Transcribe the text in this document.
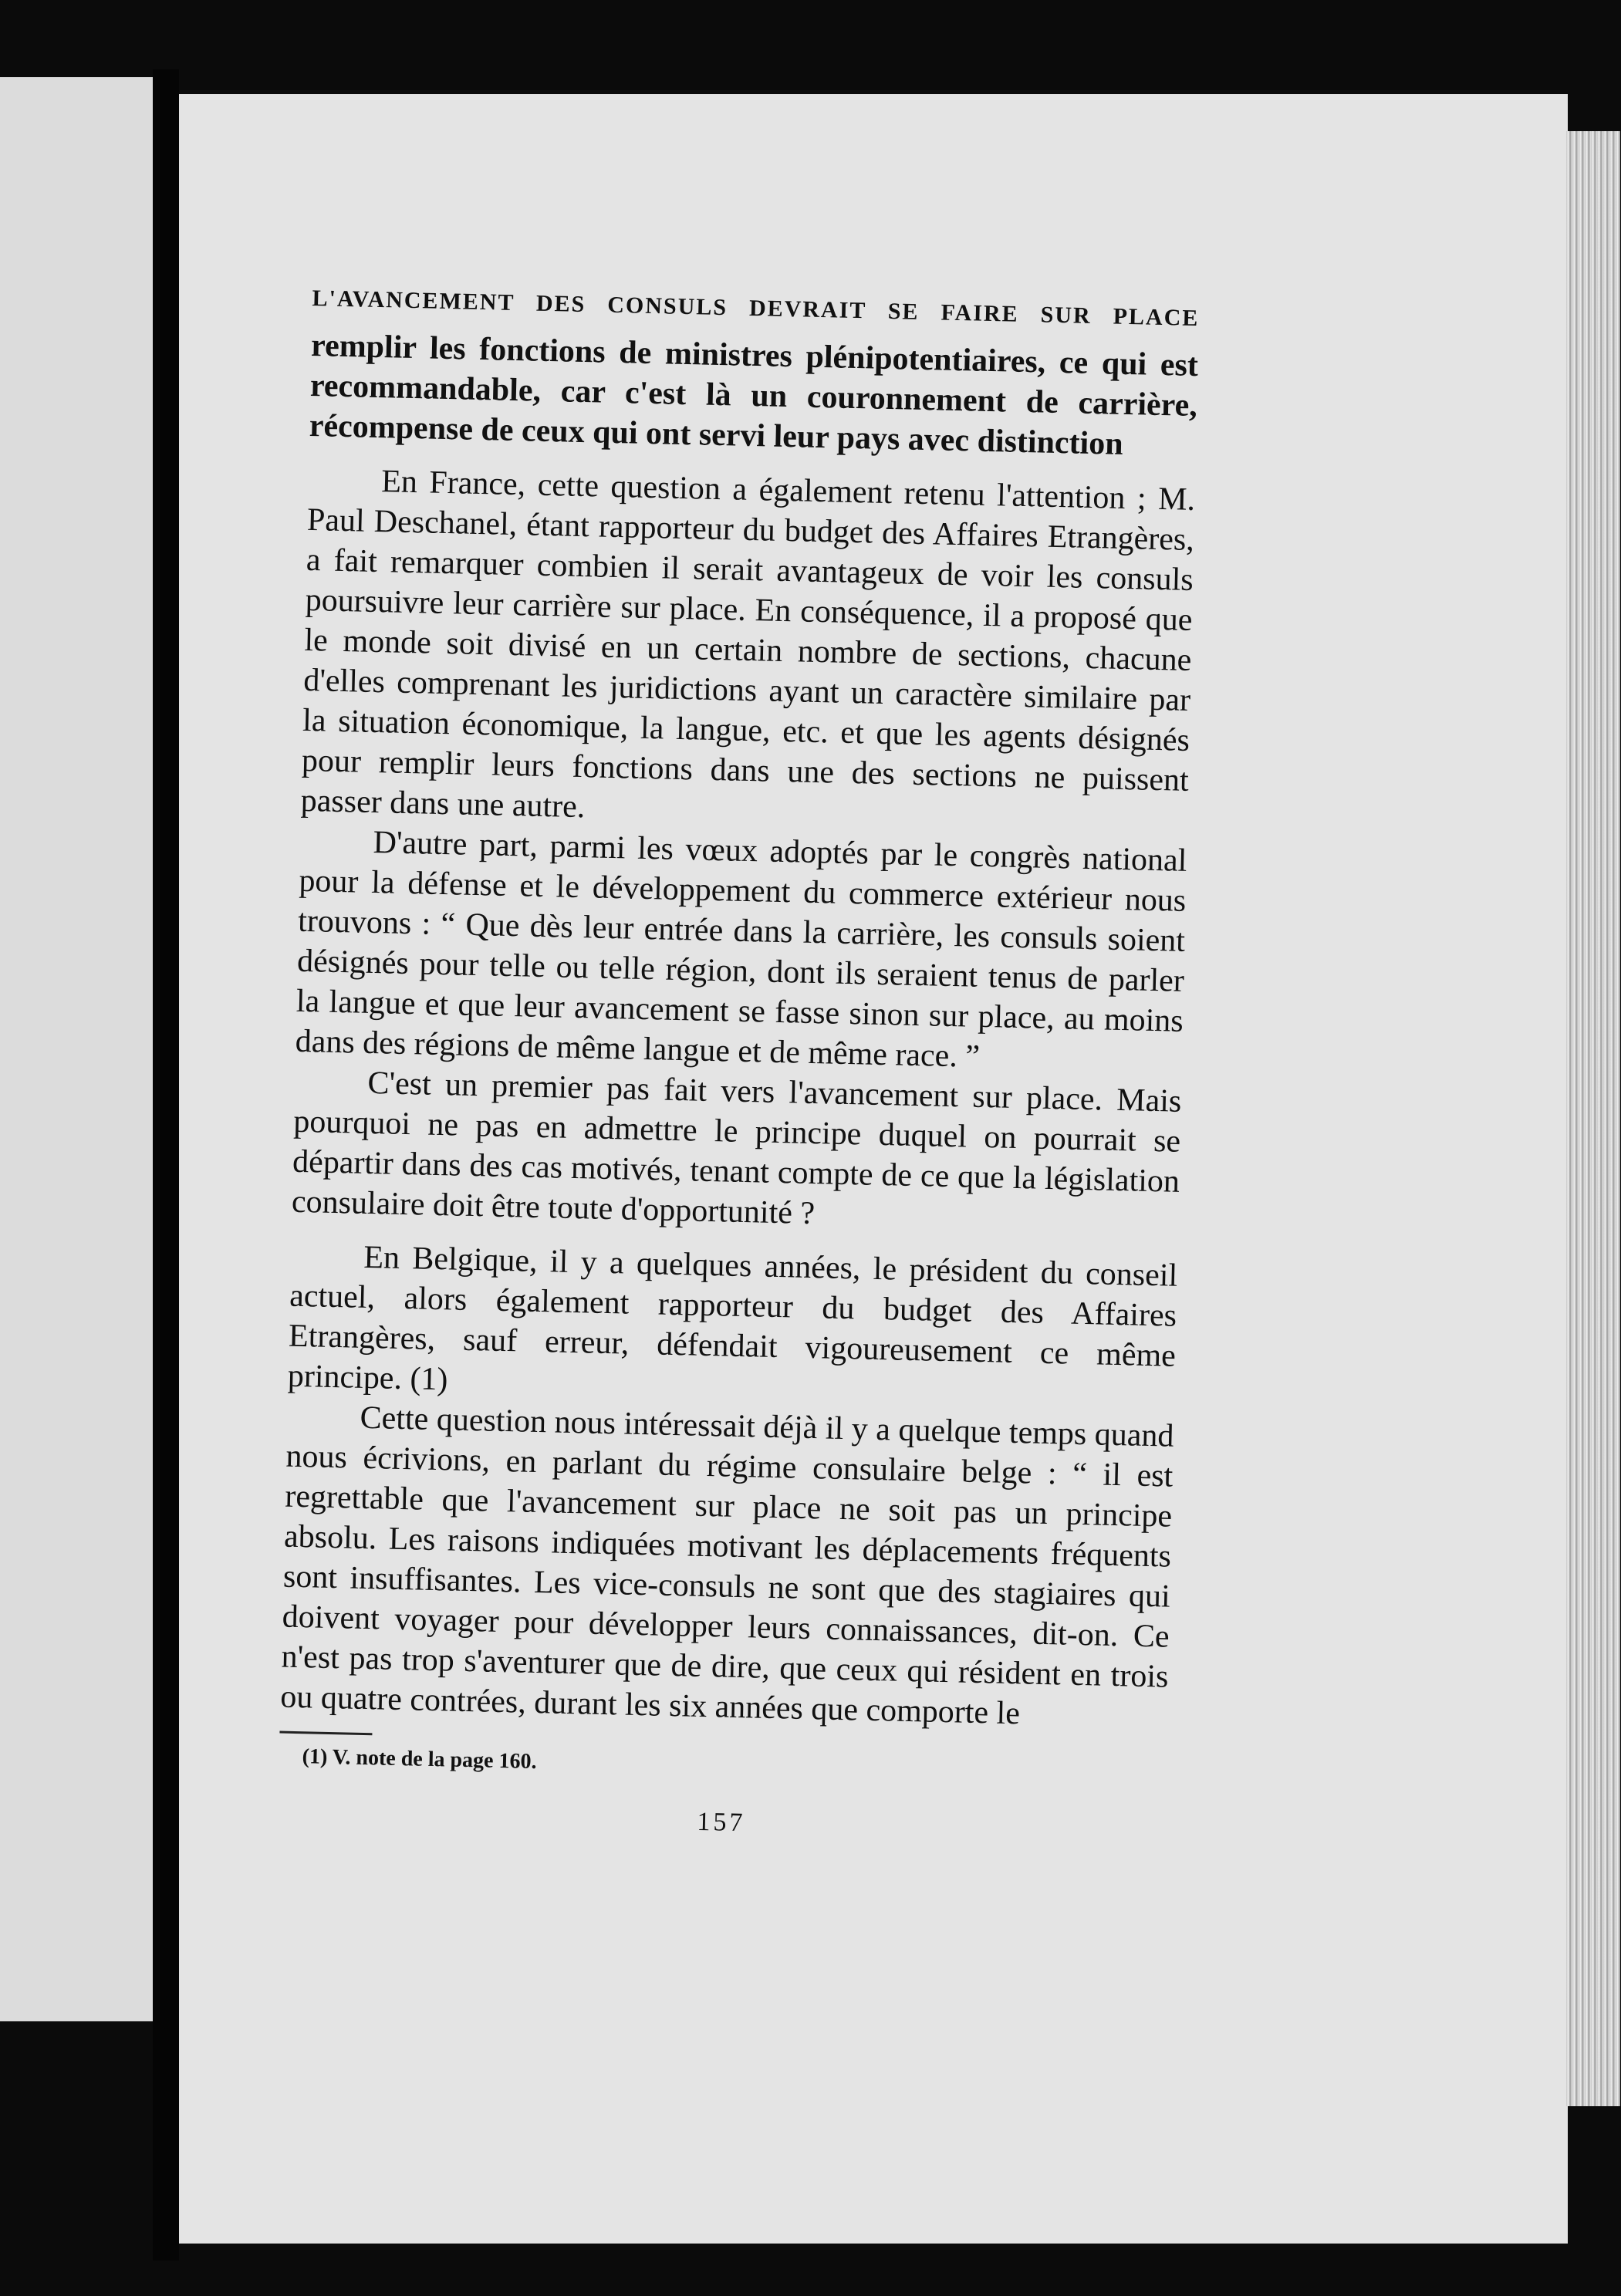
L'AVANCEMENT DES CONSULS DEVRAIT SE FAIRE SUR PLACE

remplir les fonctions de ministres plénipotentiaires, ce qui est recommandable, car c'est là un couronnement de carrière, récompense de ceux qui ont servi leur pays avec distinction

En France, cette question a également retenu l'attention ; M. Paul Deschanel, étant rapporteur du budget des Affaires Etrangères, a fait remarquer combien il serait avantageux de voir les consuls poursuivre leur carrière sur place. En conséquence, il a proposé que le monde soit divisé en un certain nombre de sections, chacune d'elles comprenant les juridictions ayant un caractère similaire par la situation économique, la langue, etc. et que les agents désignés pour remplir leurs fonctions dans une des sections ne puissent passer dans une autre.

D'autre part, parmi les vœux adoptés par le congrès national pour la défense et le développement du commerce extérieur nous trouvons : “ Que dès leur entrée dans la carrière, les consuls soient désignés pour telle ou telle région, dont ils seraient tenus de parler la langue et que leur avancement se fasse sinon sur place, au moins dans des régions de même langue et de même race. ”

C'est un premier pas fait vers l'avancement sur place. Mais pourquoi ne pas en admettre le principe duquel on pourrait se départir dans des cas motivés, tenant compte de ce que la législation consulaire doit être toute d'opportunité ?

En Belgique, il y a quelques années, le président du conseil actuel, alors également rapporteur du budget des Affaires Etrangères, sauf erreur, défendait vigoureusement ce même principe. (1)

Cette question nous intéressait déjà il y a quelque temps quand nous écrivions, en parlant du régime consulaire belge : “ il est regrettable que l'avancement sur place ne soit pas un principe absolu. Les raisons indiquées motivant les déplacements fréquents sont insuffisantes. Les vice-consuls ne sont que des stagiaires qui doivent voyager pour développer leurs connaissances, dit-on. Ce n'est pas trop s'aventurer que de dire, que ceux qui résident en trois ou quatre contrées, durant les six années que comporte le

(1) V. note de la page 160.

157
